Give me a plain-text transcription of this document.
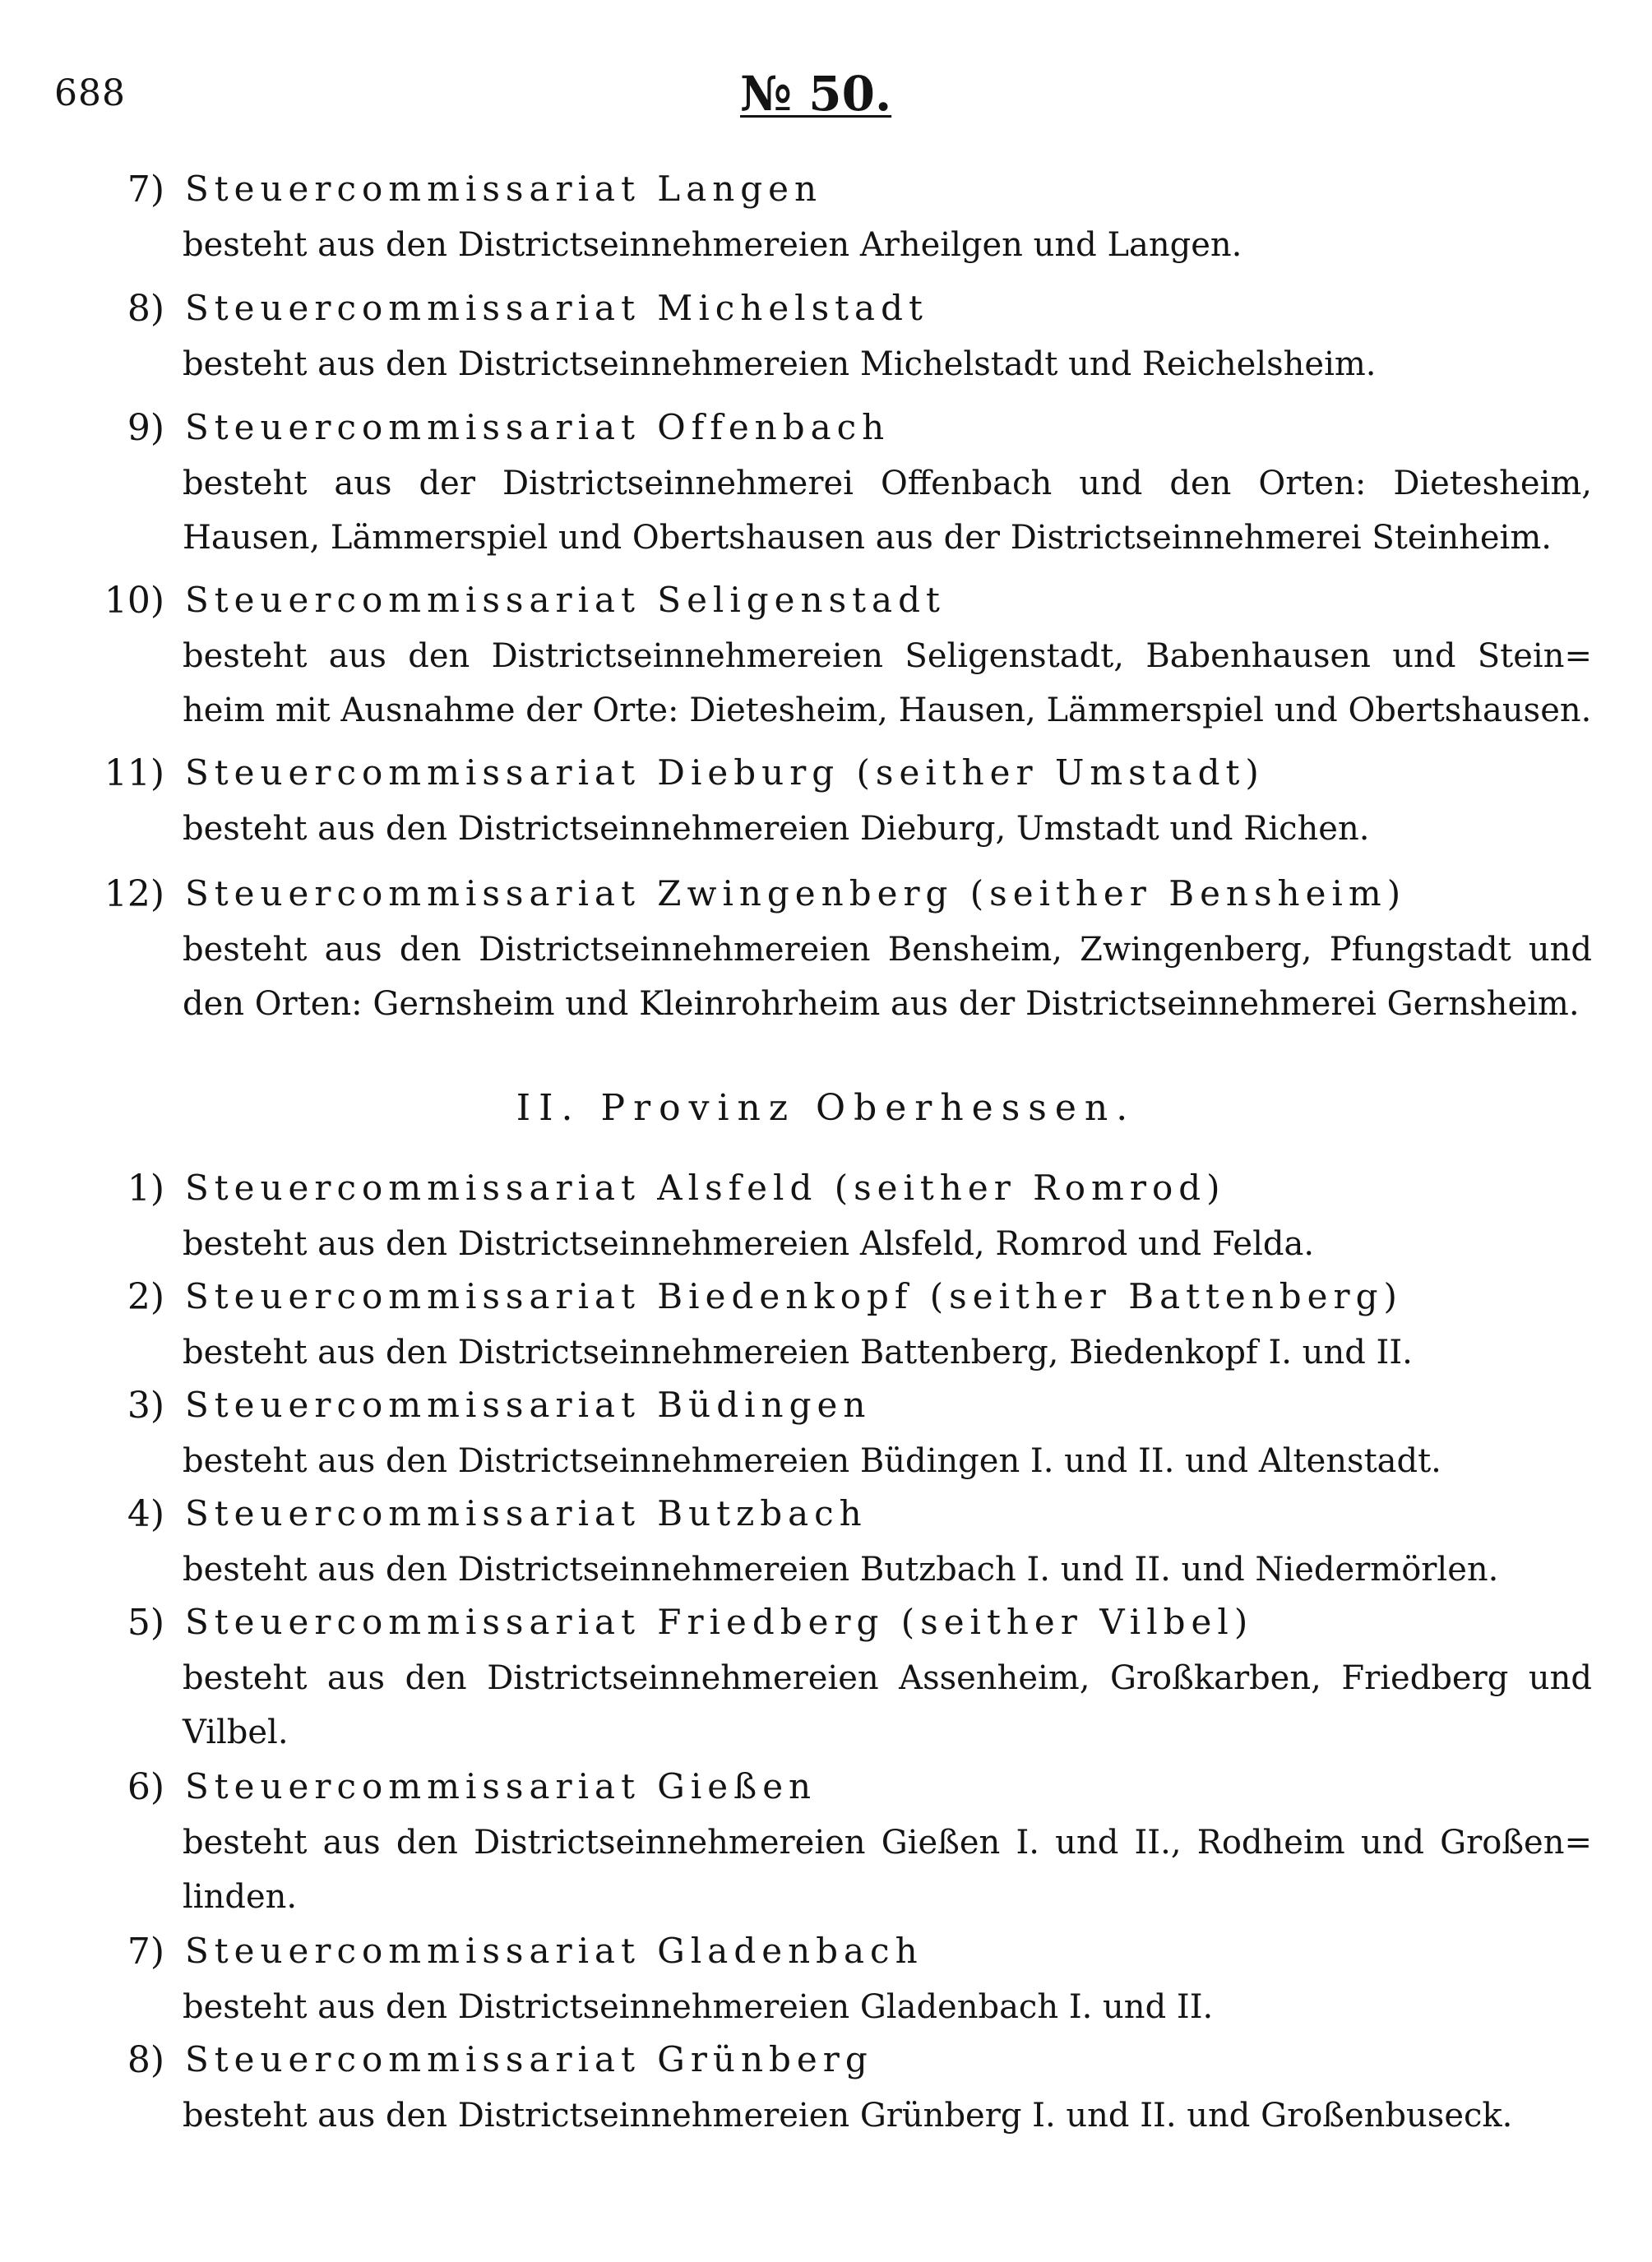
688	№ 50.
7) Steuercommissariat Langen
besteht aus den Districtseinnehmereien Arheilgen und Langen.
8) Steuercommissariat Michelstadt
besteht aus den Districtseinnehmereien Michelstadt und Reichelsheim.
9) Steuercommissariat Offenbach
besteht aus der Districtseinnehmerei Offenbach und den Orten: Dietesheim, Hausen, Lämmerspiel und Obertshausen aus der Districtseinnehmerei Steinheim.
10) Steuercommissariat Seligenstadt
besteht aus den Districtseinnehmereien Seligenstadt, Babenhausen und Stein= heim mit Ausnahme der Orte: Dietesheim, Hausen, Lämmerspiel und Obertshausen.
11) Steuercommissariat Dieburg (seither Umstadt)
besteht aus den Districtseinnehmereien Dieburg, Umstadt und Richen.
12) Steuercommissariat Zwingenberg (seither Bensheim)
besteht aus den Districtseinnehmereien Bensheim, Zwingenberg, Pfungstadt und den Orten: Gernsheim und Kleinrohrheim aus der Districtseinnehmerei Gernsheim.
II. Provinz Oberhessen.
1) Steuercommissariat Alsfeld (seither Romrod)
besteht aus den Districtseinnehmereien Alsfeld, Romrod und Felda.
2) Steuercommissariat Biedenkopf (seither Battenberg)
besteht aus den Districtseinnehmereien Battenberg, Biedenkopf I. und II.
3) Steuercommissariat Büdingen
besteht aus den Districtseinnehmereien Büdingen I. und II. und Altenstadt.
4) Steuercommissariat Butzbach
besteht aus den Districtseinnehmereien Butzbach I. und II. und Niedermörlen.
5) Steuercommissariat Friedberg (seither Vilbel)
besteht aus den Districtseinnehmereien Assenheim, Großkarben, Friedberg und Vilbel.
6) Steuercommissariat Gießen
besteht aus den Districtseinnehmereien Gießen I. und II., Rodheim und Großen= linden.
7) Steuercommissariat Gladenbach
besteht aus den Districtseinnehmereien Gladenbach I. und II.
8) Steuercommissariat Grünberg
besteht aus den Districtseinnehmereien Grünberg I. und II. und Großenbuseck.
